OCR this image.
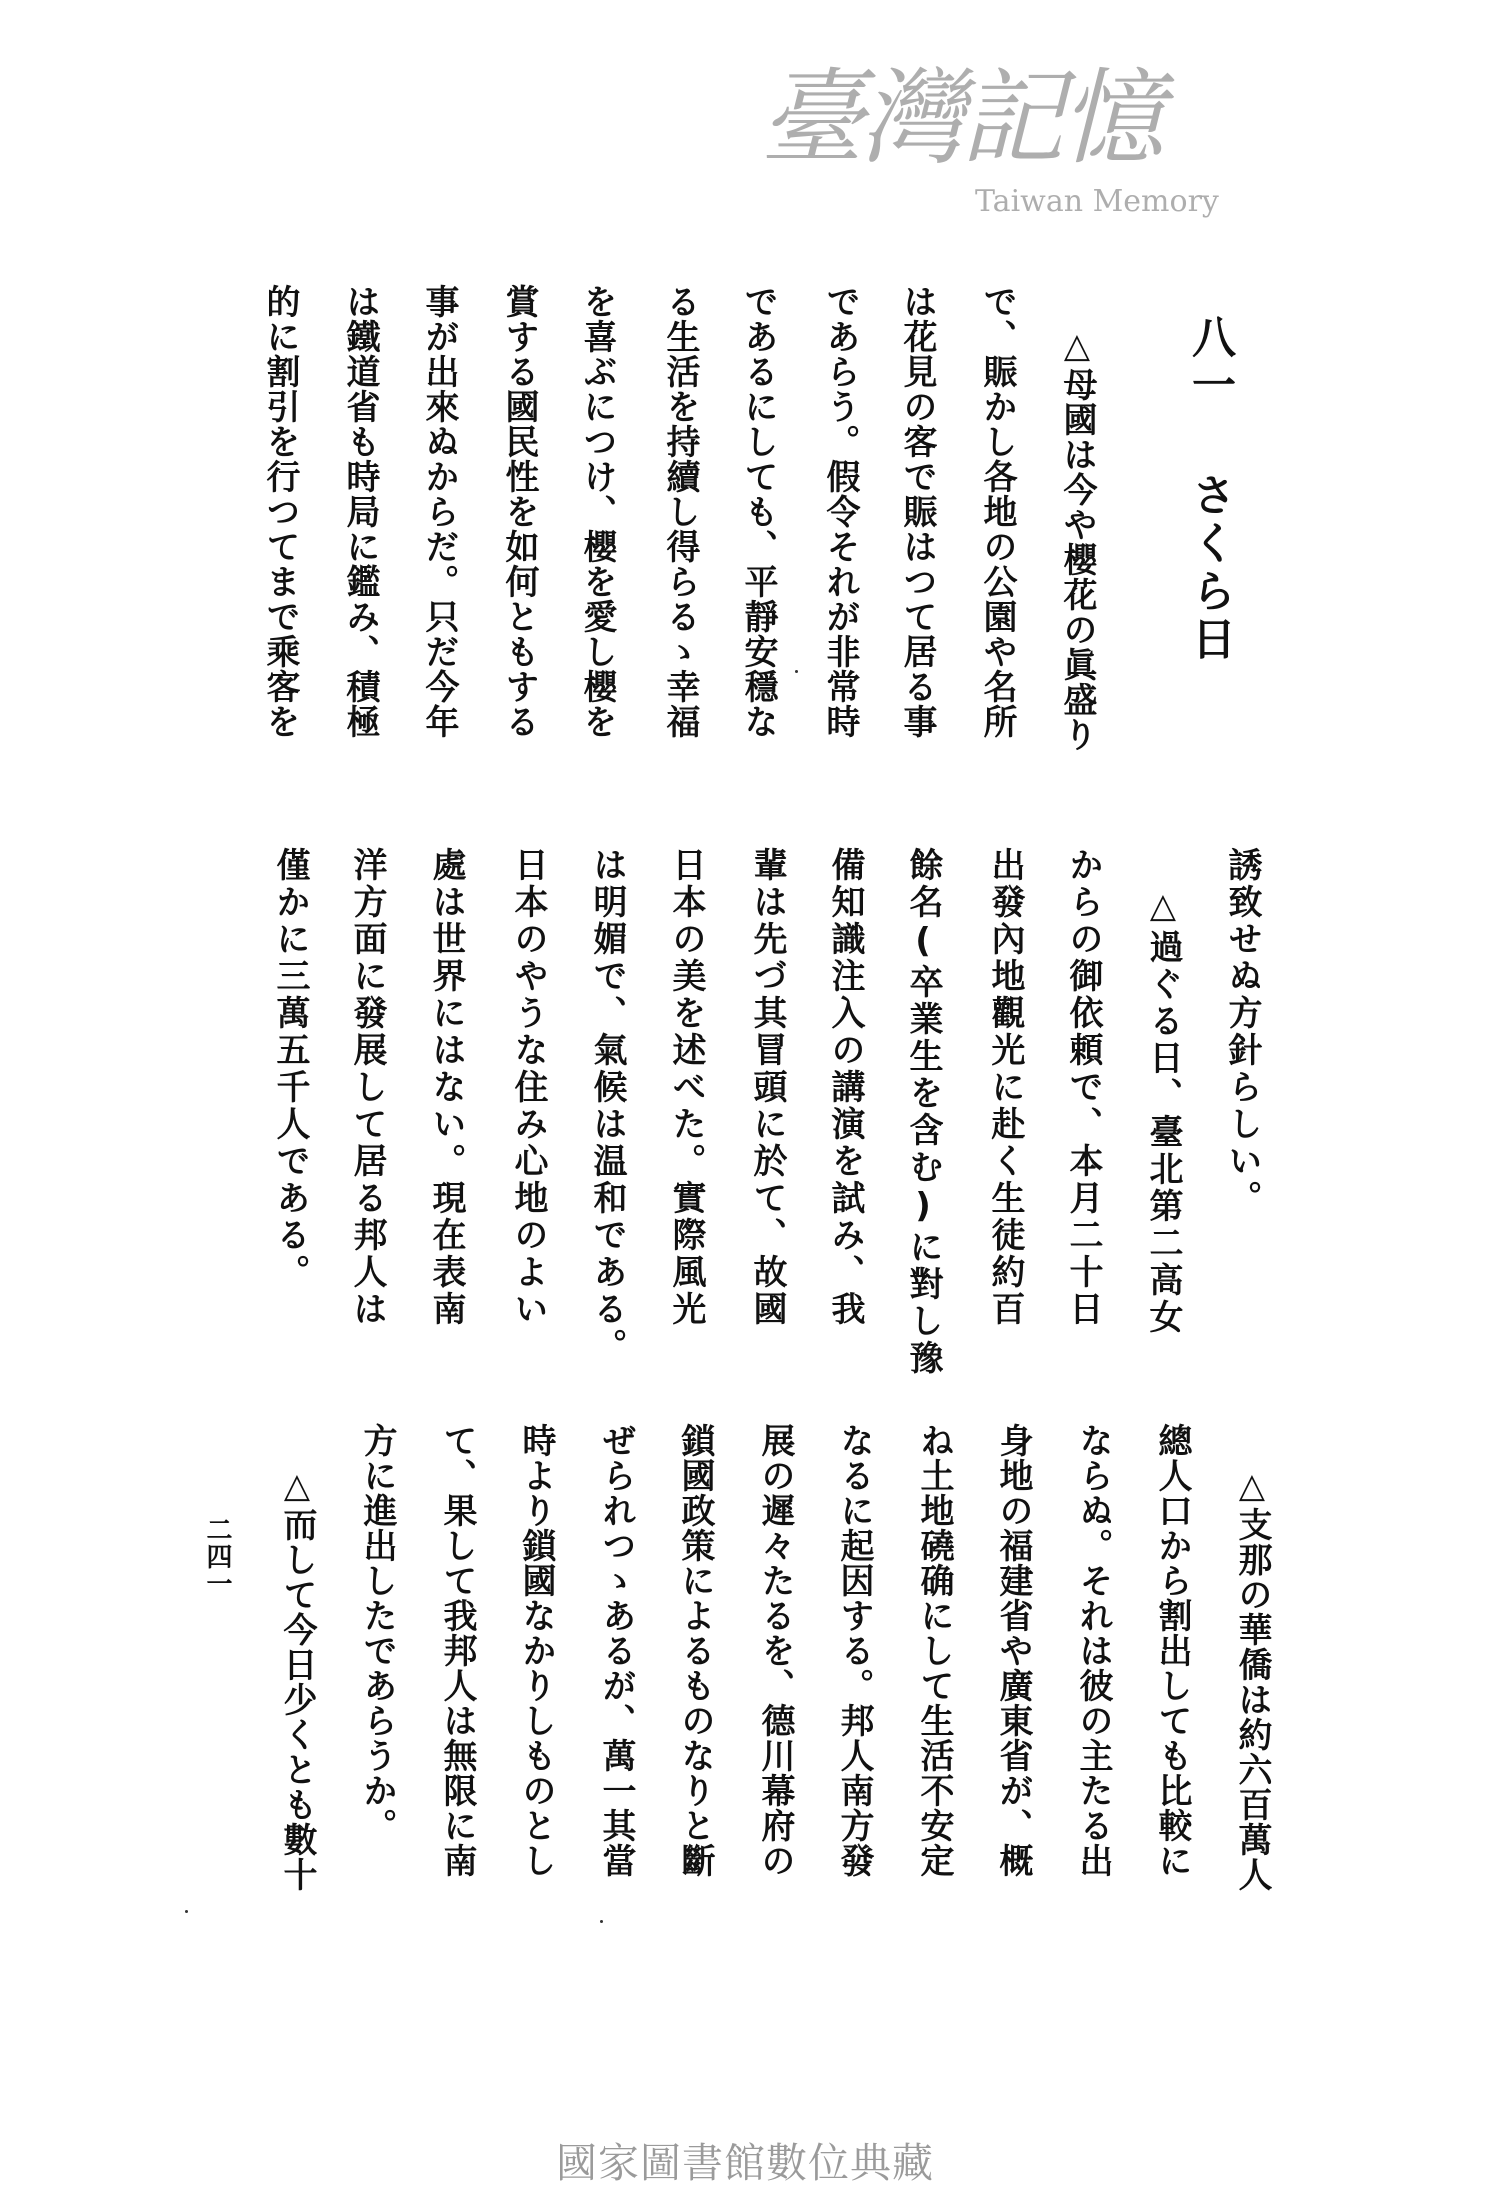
八一さくら日
△母國は今や櫻花の眞盛り
で、賑かし各地の公園や名所
は花見の客で賑はつて居る事
であらう。假令それが非常時
であるにしても、平靜安穩な
る生活を持續し得らるゝ幸福
を喜ぶにつけ、櫻を愛し櫻を
賞する國民性を如何ともする
事が出來ぬからだ。只だ今年
は鐵道省も時局に鑑み、積極
的に割引を行つてまで乘客を
誘致せぬ方針らしい。
△過ぐる日、臺北第二高女
からの御依頼で、本月二十日
出發內地觀光に赴く生徒約百
餘名(卒業生を含む)に對し豫
備知識注入の講演を試み、我
輩は先づ其冒頭に於て、故國
日本の美を述べた。實際風光
は明媚で、氣候は温和である。
日本のやうな住み心地のよい
處は世界にはない。現在表南
洋方面に發展して居る邦人は
僅かに三萬五千人である。
△支那の華僑は約六百萬人
總人口から割出しても比較に
ならぬ。それは彼の主たる出
身地の福建省や廣東省が、概
ね土地磽确にして生活不安定
なるに起因する。邦人南方發
展の遲々たるを、德川幕府の
鎖國政策によるものなりと斷
ぜられつゝあるが、萬一其當
時より鎖國なかりしものとし
て、果して我邦人は無限に南
方に進出したであらうか。
△而して今日少くとも數十
二四一
臺灣記憶
Taiwan Memory
國家圖書館數位典藏
